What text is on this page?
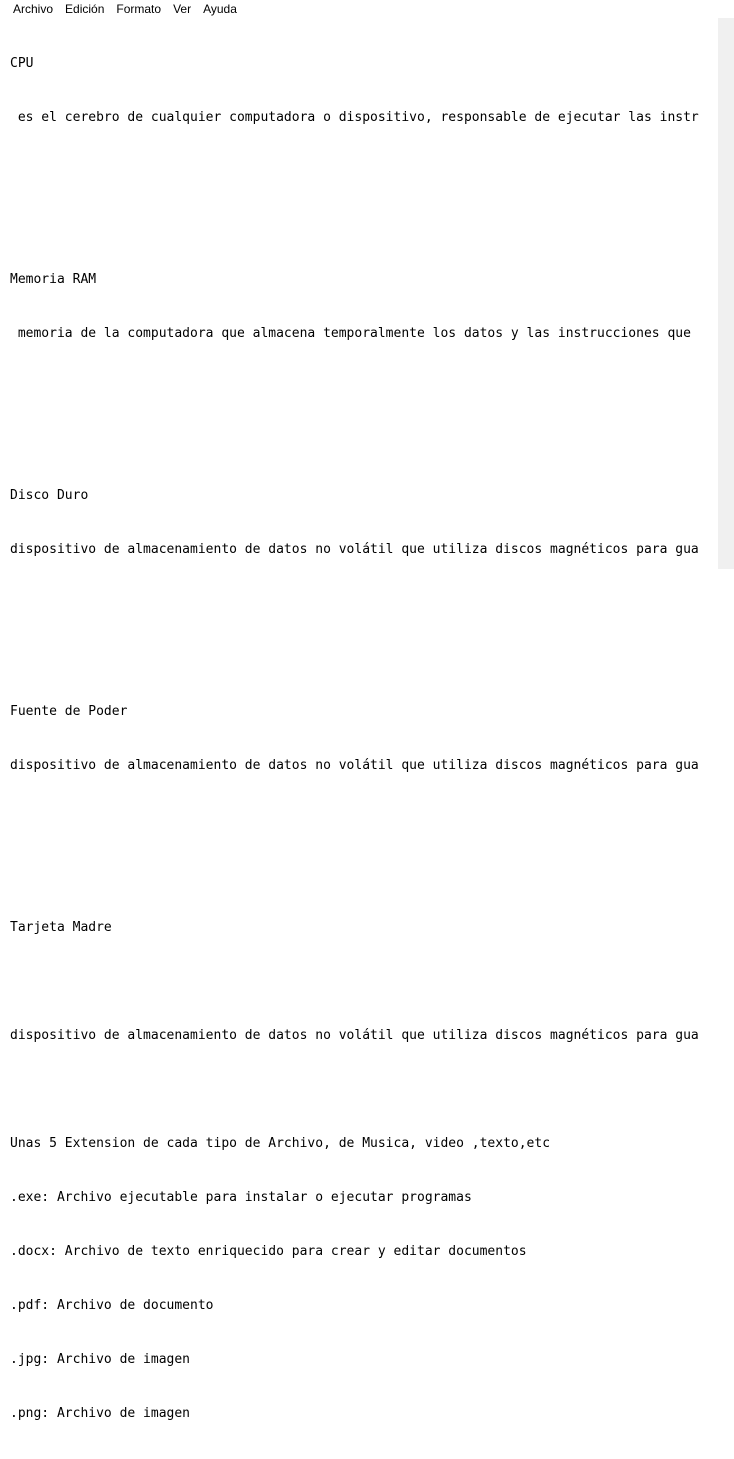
Archivo	Edición	Formato	Ver	Ayuda

CPU

es el cerebro de cualquier computadora o dispositivo, responsable de ejecutar las instr

Memoria RAM

memoria de la computadora que almacena temporalmente los datos y las instrucciones que

Disco Duro

dispositivo de almacenamiento de datos no volátil que utiliza discos magnéticos para gua

Fuente de Poder

dispositivo de almacenamiento de datos no volátil que utiliza discos magnéticos para gua

Tarjeta Madre

dispositivo de almacenamiento de datos no volátil que utiliza discos magnéticos para gua

Unas 5 Extension de cada tipo de Archivo, de Musica, video ,texto,etc

.exe: Archivo ejecutable para instalar o ejecutar programas

.docx: Archivo de texto enriquecido para crear y editar documentos

.pdf: Archivo de documento

.jpg: Archivo de imagen

.png: Archivo de imagen
